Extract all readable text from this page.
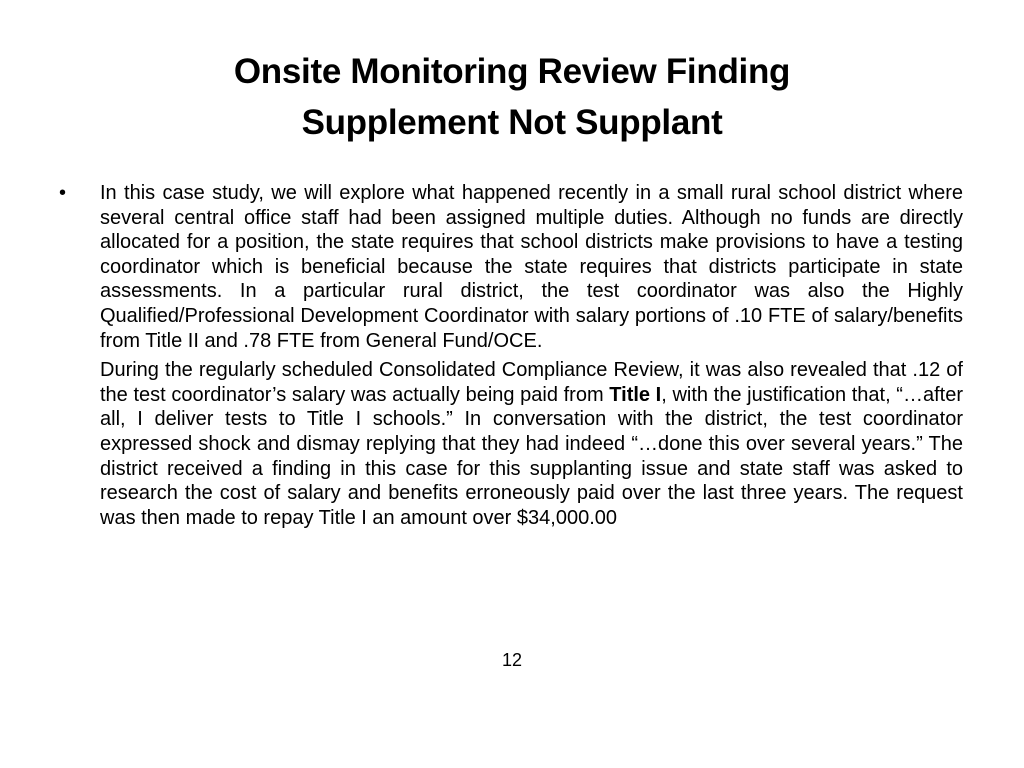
Onsite Monitoring Review Finding
Supplement Not Supplant
• In this case study, we will explore what happened recently in a small rural school district where several central office staff had been assigned multiple duties. Although no funds are directly allocated for a position, the state requires that school districts make provisions to have a testing coordinator which is beneficial because the state requires that districts participate in state assessments. In a particular rural district, the test coordinator was also the Highly Qualified/Professional Development Coordinator with salary portions of .10 FTE of salary/benefits from Title II and .78 FTE from General Fund/OCE.

During the regularly scheduled Consolidated Compliance Review, it was also revealed that .12 of the test coordinator’s salary was actually being paid from Title I, with the justification that, “…after all, I deliver tests to Title I schools.” In conversation with the district, the test coordinator expressed shock and dismay replying that they had indeed “…done this over several years.” The district received a finding in this case for this supplanting issue and state staff was asked to research the cost of salary and benefits erroneously paid over the last three years. The request was then made to repay Title I an amount over $34,000.00

12
